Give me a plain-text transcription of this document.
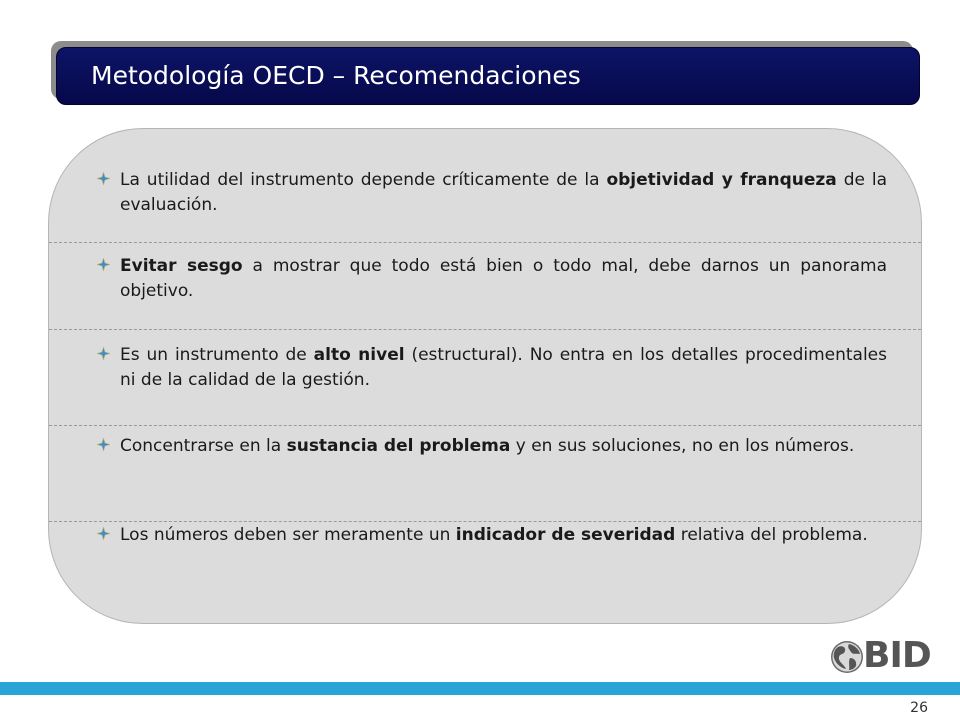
Metodología OECD – Recomendaciones
La utilidad del instrumento depende críticamente de la objetividad y franqueza de la evaluación.
Evitar sesgo a mostrar que todo está bien o todo mal, debe darnos un panorama objetivo.
Es un instrumento de alto nivel (estructural). No entra en los detalles procedimentales ni de la calidad de la gestión.
Concentrarse en la sustancia del problema y en sus soluciones, no en los números.
Los números deben ser meramente un indicador de severidad relativa del problema.
BID
26
